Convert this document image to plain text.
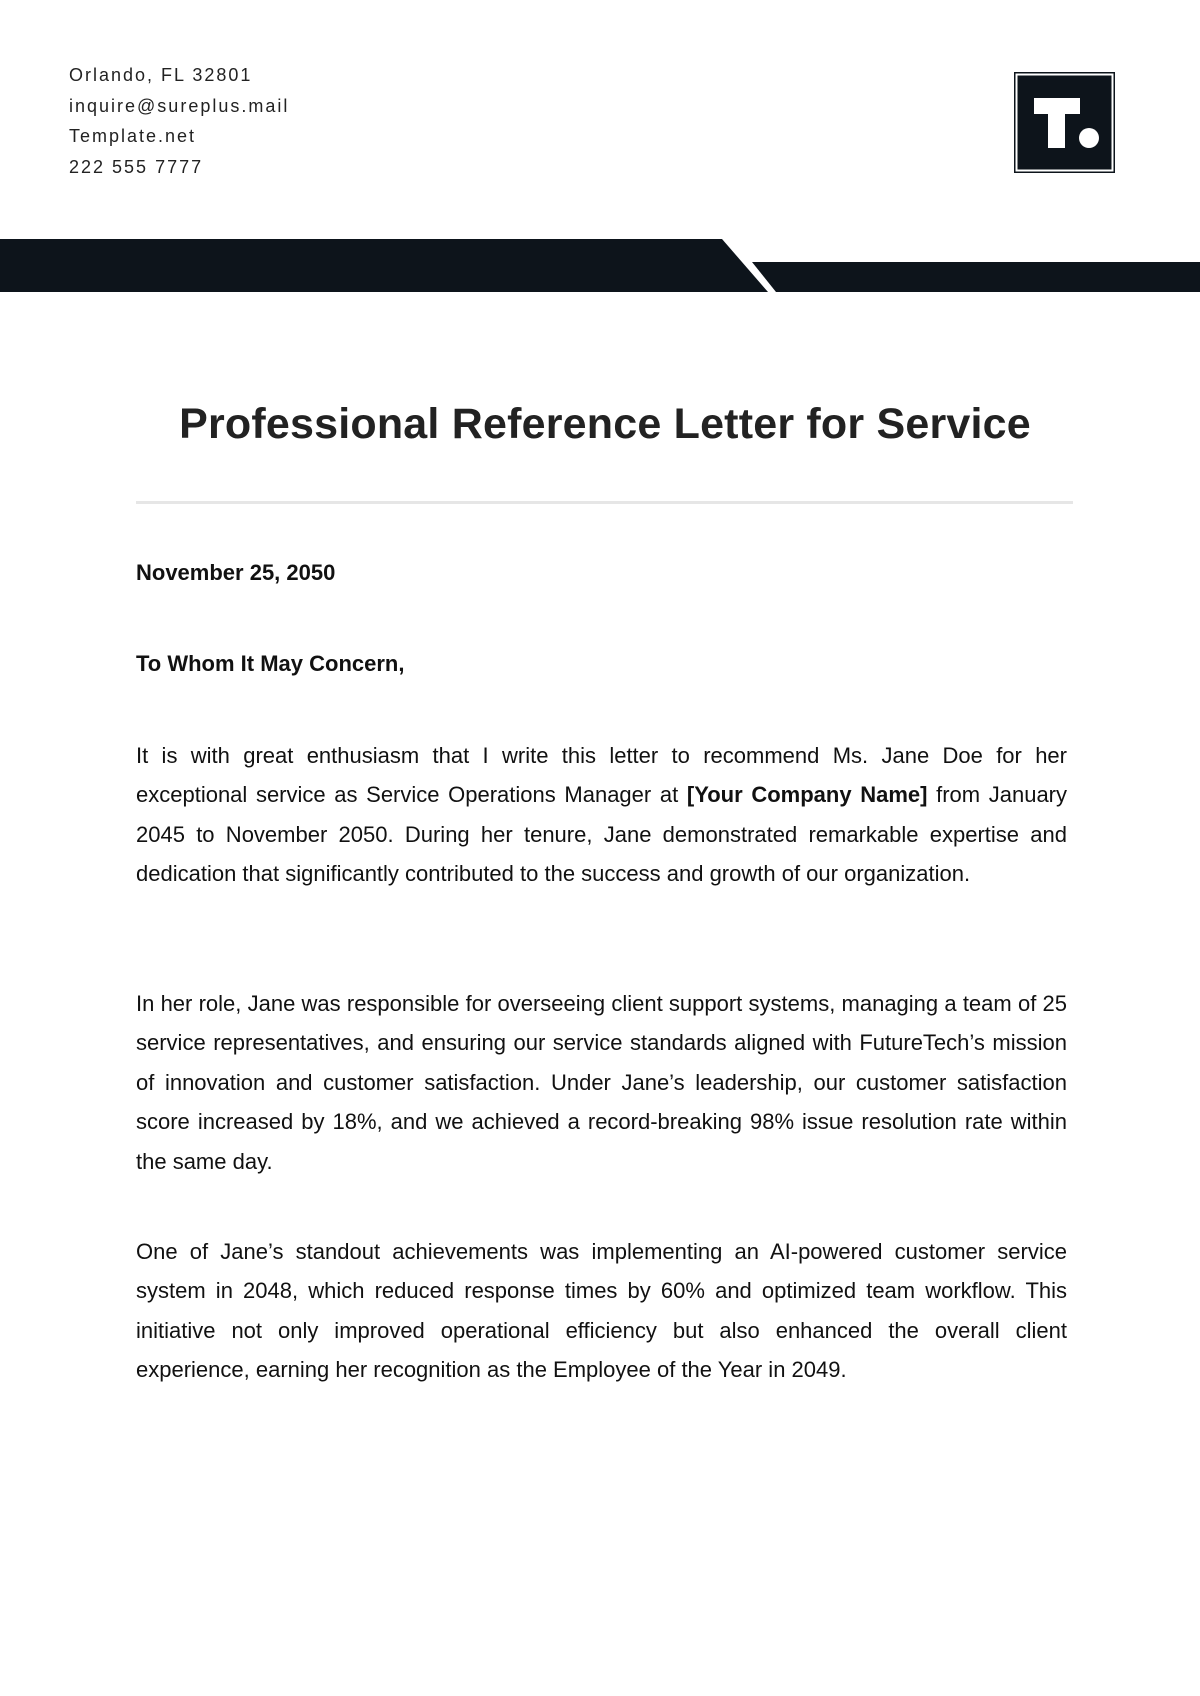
Orlando, FL 32801
inquire@sureplus.mail
Template.net
222 555 7777
Professional Reference Letter for Service
November 25, 2050
To Whom It May Concern,
It is with great enthusiasm that I write this letter to recommend Ms. Jane Doe for her exceptional service as Service Operations Manager at [Your Company Name] from January 2045 to November 2050. During her tenure, Jane demonstrated remarkable expertise and dedication that significantly contributed to the success and growth of our organization.
In her role, Jane was responsible for overseeing client support systems, managing a team of 25 service representatives, and ensuring our service standards aligned with FutureTech’s mission of innovation and customer satisfaction. Under Jane’s leadership, our customer satisfaction score increased by 18%, and we achieved a record-breaking 98% issue resolution rate within the same day.
One of Jane’s standout achievements was implementing an AI-powered customer service system in 2048, which reduced response times by 60% and optimized team workflow. This initiative not only improved operational efficiency but also enhanced the overall client experience, earning her recognition as the Employee of the Year in 2049.
